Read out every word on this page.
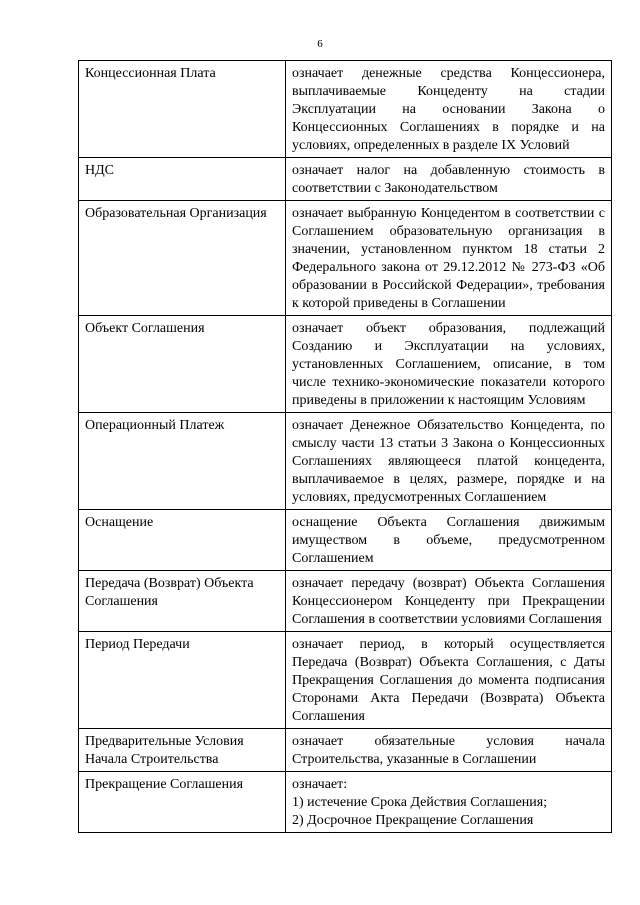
6
Концессионная Плата	означает денежные средства Концессионера, выплачиваемые Концеденту на стадии Эксплуатации на основании Закона о Концессионных Соглашениях в порядке и на условиях, определенных в разделе IX Условий
НДС	означает налог на добавленную стоимость в соответствии с Законодательством
Образовательная Организация	означает выбранную Концедентом в соответствии с Соглашением образовательную организация в значении, установленном пунктом 18 статьи 2 Федерального закона от 29.12.2012 № 273-ФЗ «Об образовании в Российской Федерации», требования к которой приведены в Соглашении
Объект Соглашения	означает объект образования, подлежащий Созданию и Эксплуатации на условиях, установленных Соглашением, описание, в том числе технико-экономические показатели которого приведены в приложении к настоящим Условиям
Операционный Платеж	означает Денежное Обязательство Концедента, по смыслу части 13 статьи 3 Закона о Концессионных Соглашениях являющееся платой концедента, выплачиваемое в целях, размере, порядке и на условиях, предусмотренных Соглашением
Оснащение	оснащение Объекта Соглашения движимым имуществом в объеме, предусмотренном Соглашением
Передача (Возврат) Объекта Соглашения	означает передачу (возврат) Объекта Соглашения Концессионером Концеденту при Прекращении Соглашения в соответствии условиями Соглашения
Период Передачи	означает период, в который осуществляется Передача (Возврат) Объекта Соглашения, с Даты Прекращения Соглашения до момента подписания Сторонами Акта Передачи (Возврата) Объекта Соглашения
Предварительные Условия Начала Строительства	означает обязательные условия начала Строительства, указанные в Соглашении
Прекращение Соглашения	означает:
1) истечение Срока Действия Соглашения;
2) Досрочное Прекращение Соглашения
